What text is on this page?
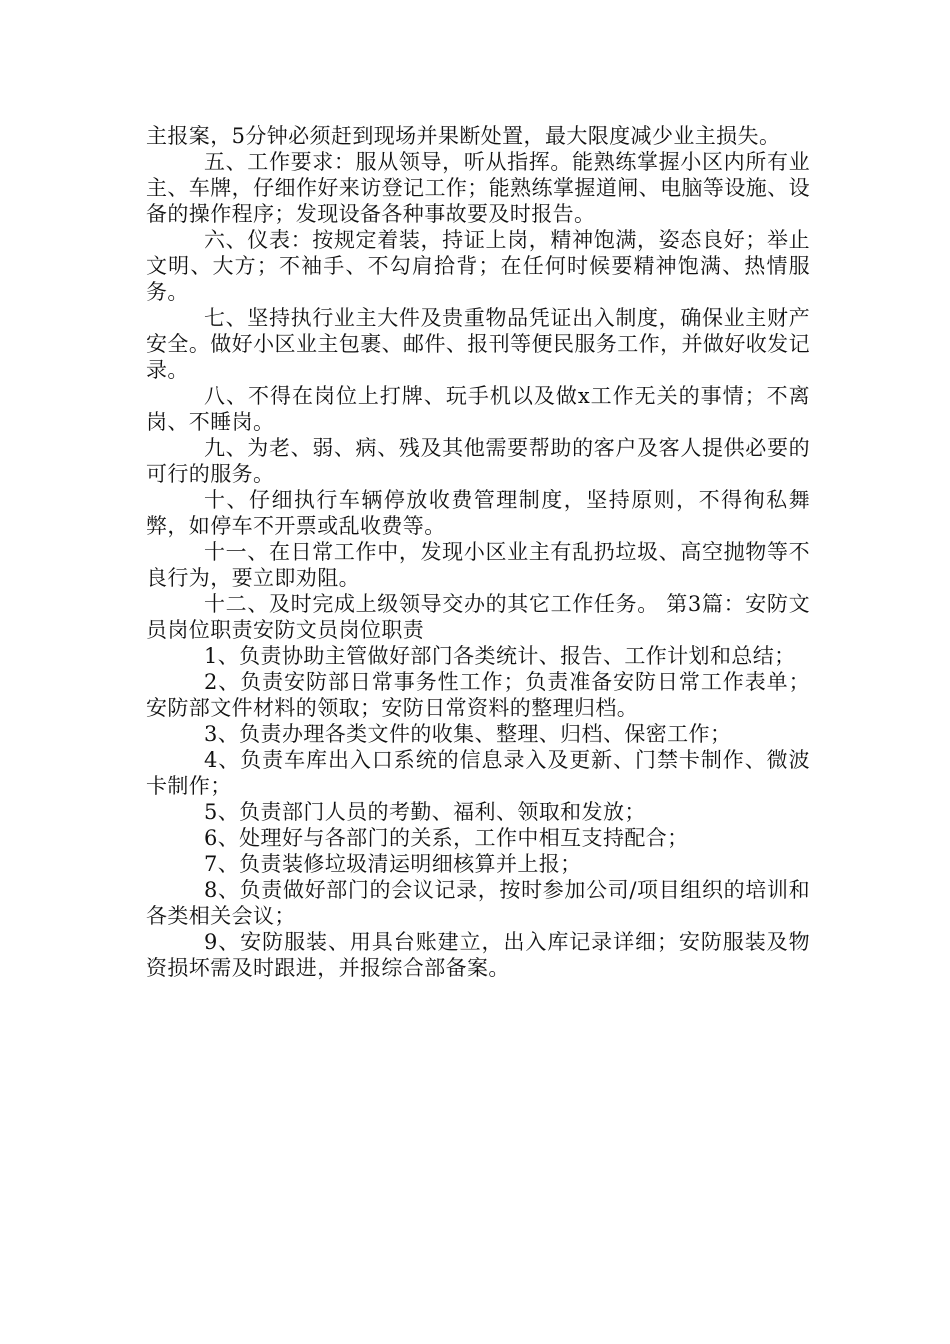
主报案，5分钟必须赶到现场并果断处置，最大限度减少业主损失。

五、工作要求：服从领导，听从指挥。能熟练掌握小区内所有业主、车牌，仔细作好来访登记工作；能熟练掌握道闸、电脑等设施、设备的操作程序；发现设备各种事故要及时报告。

六、仪表：按规定着装，持证上岗，精神饱满，姿态良好；举止文明、大方；不袖手、不勾肩拾背；在任何时候要精神饱满、热情服务。

七、坚持执行业主大件及贵重物品凭证出入制度，确保业主财产安全。做好小区业主包裹、邮件、报刊等便民服务工作，并做好收发记录。

八、不得在岗位上打牌、玩手机以及做x工作无关的事情；不离岗、不睡岗。

九、为老、弱、病、残及其他需要帮助的客户及客人提供必要的可行的服务。

十、仔细执行车辆停放收费管理制度，坚持原则，不得徇私舞弊，如停车不开票或乱收费等。

十一、在日常工作中，发现小区业主有乱扔垃圾、高空抛物等不良行为，要立即劝阻。

十二、及时完成上级领导交办的其它工作任务。 第3篇：安防文员岗位职责安防文员岗位职责

1、负责协助主管做好部门各类统计、报告、工作计划和总结；

2、负责安防部日常事务性工作；负责准备安防日常工作表单；安防部文件材料的领取；安防日常资料的整理归档。

3、负责办理各类文件的收集、整理、归档、保密工作；

4、负责车库出入口系统的信息录入及更新、门禁卡制作、微波卡制作；

5、负责部门人员的考勤、福利、领取和发放；

6、处理好与各部门的关系，工作中相互支持配合；

7、负责装修垃圾清运明细核算并上报；

8、负责做好部门的会议记录，按时参加公司/项目组织的培训和各类相关会议；

9、安防服装、用具台账建立，出入库记录详细；安防服装及物资损坏需及时跟进，并报综合部备案。
